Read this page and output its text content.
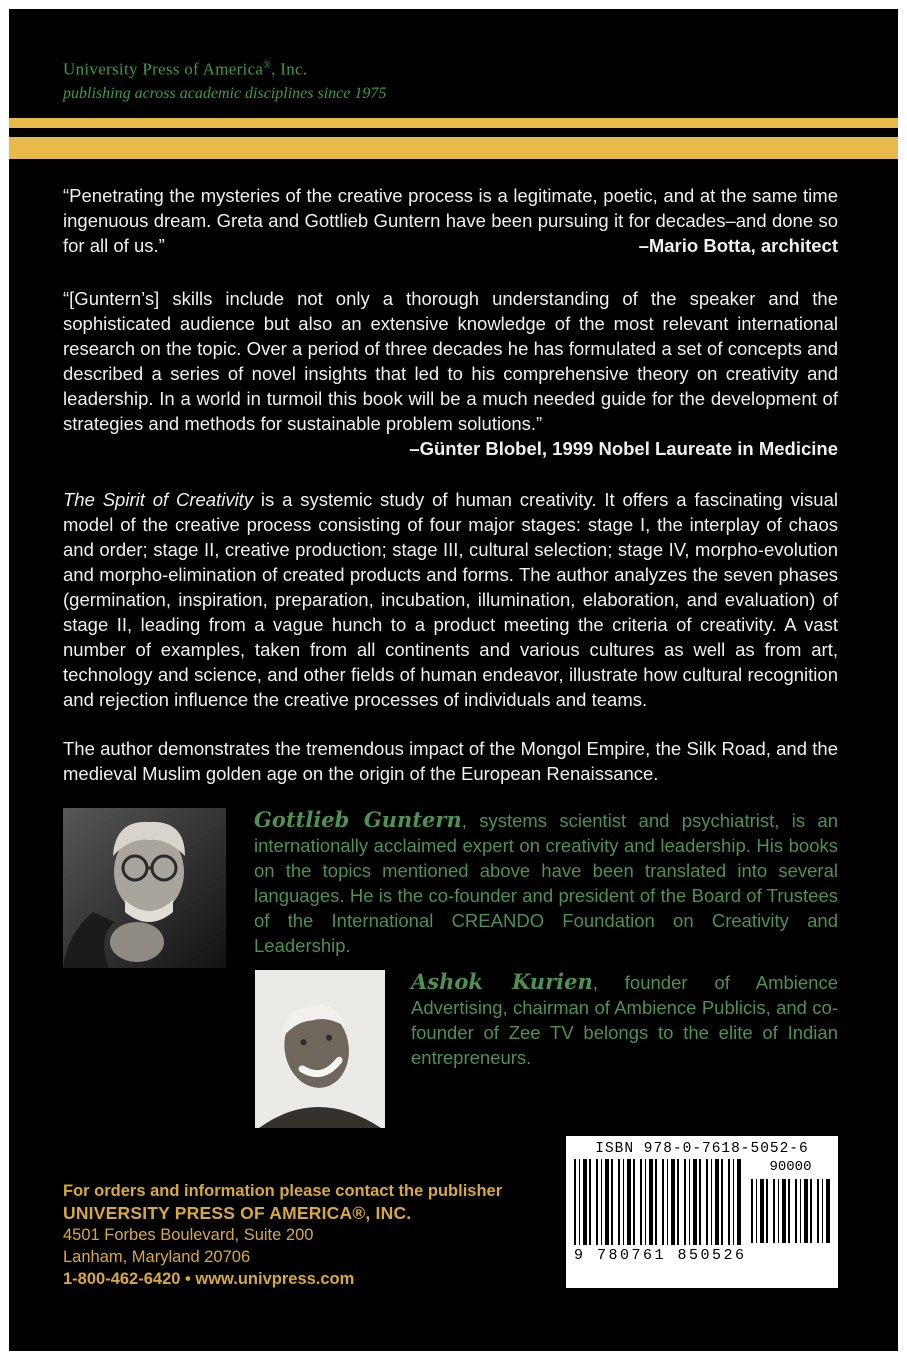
University Press of America®, Inc.
publishing across academic disciplines since 1975

“Penetrating the mysteries of the creative process is a legitimate, poetic, and at the same time ingenuous dream. Greta and Gottlieb Guntern have been pursuing it for decades–and done so for all of us.”	–Mario Botta, architect

“[Guntern’s] skills include not only a thorough understanding of the speaker and the sophisticated audience but also an extensive knowledge of the most relevant international research on the topic. Over a period of three decades he has formulated a set of concepts and described a series of novel insights that led to his comprehensive theory on creativity and leadership. In a world in turmoil this book will be a much needed guide for the development of strategies and methods for sustainable problem solutions.”
–Günter Blobel, 1999 Nobel Laureate in Medicine

The Spirit of Creativity is a systemic study of human creativity. It offers a fascinating visual model of the creative process consisting of four major stages: stage I, the interplay of chaos and order; stage II, creative production; stage III, cultural selection; stage IV, morpho-evolution and morpho-elimination of created products and forms. The author analyzes the seven phases (germination, inspiration, preparation, incubation, illumination, elaboration, and evaluation) of stage II, leading from a vague hunch to a product meeting the criteria of creativity. A vast number of examples, taken from all continents and various cultures as well as from art, technology and science, and other fields of human endeavor, illustrate how cultural recognition and rejection influence the creative processes of individuals and teams.

The author demonstrates the tremendous impact of the Mongol Empire, the Silk Road, and the medieval Muslim golden age on the origin of the European Renaissance.

Gottlieb Guntern, systems scientist and psychiatrist, is an internationally acclaimed expert on creativity and leadership. His books on the topics mentioned above have been translated into several languages. He is the co-founder and president of the Board of Trustees of the International CREANDO Foundation on Creativity and Leadership.

Ashok Kurien, founder of Ambience Advertising, chairman of Ambience Publicis, and co-founder of Zee TV belongs to the elite of Indian entrepreneurs.

For orders and information please contact the publisher
UNIVERSITY PRESS OF AMERICA®, INC.
4501 Forbes Boulevard, Suite 200
Lanham, Maryland 20706
1-800-462-6420 • www.univpress.com
ISBN 978-0-7618-5052-6
9 780761 850526
90000
